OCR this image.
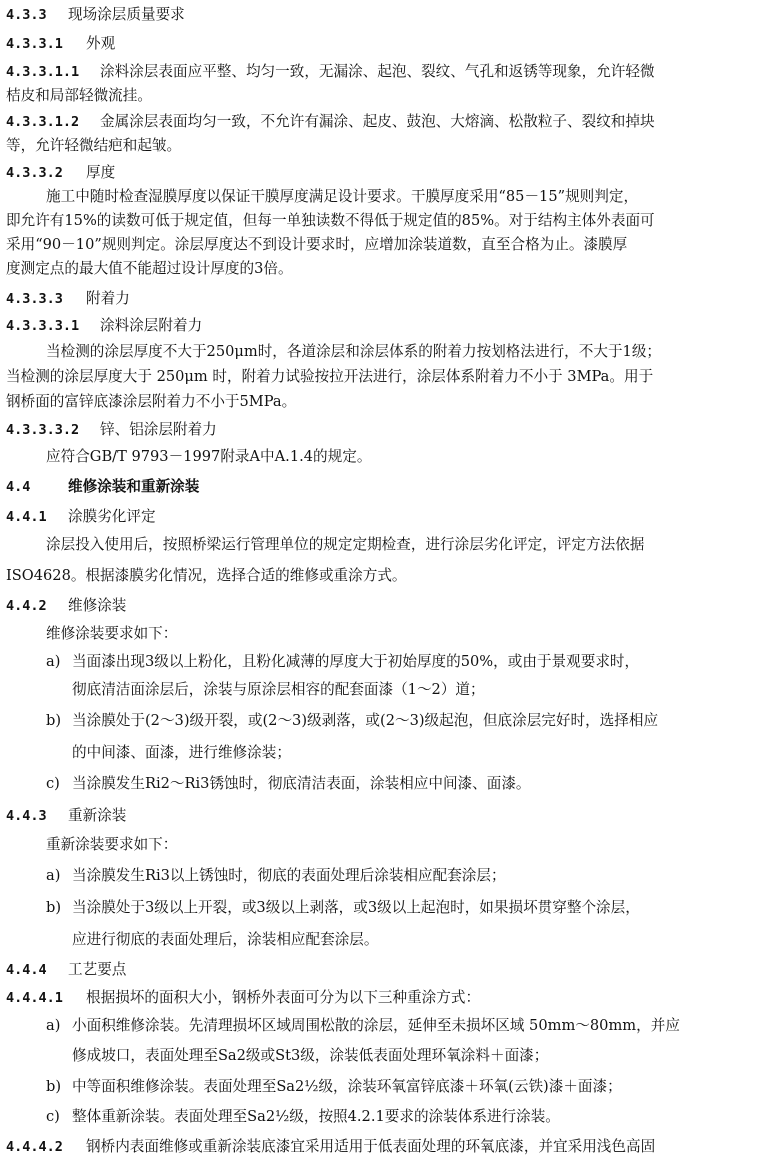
4.3.3 现场涂层质量要求
4.3.3.1 外观
4.3.3.1.1 涂料涂层表面应平整、均匀一致，无漏涂、起泡、裂纹、气孔和返锈等现象，允许轻微
桔皮和局部轻微流挂。
4.3.3.1.2 金属涂层表面均匀一致，不允许有漏涂、起皮、鼓泡、大熔滴、松散粒子、裂纹和掉块
等，允许轻微结疤和起皱。
4.3.3.2 厚度
施工中随时检查湿膜厚度以保证干膜厚度满足设计要求。干膜厚度采用“85－15”规则判定，
即允许有15%的读数可低于规定值，但每一单独读数不得低于规定值的85%。对于结构主体外表面可
采用“90－10”规则判定。涂层厚度达不到设计要求时，应增加涂装道数，直至合格为止。漆膜厚
度测定点的最大值不能超过设计厚度的3倍。
4.3.3.3 附着力
4.3.3.3.1 涂料涂层附着力
当检测的涂层厚度不大于250μm时，各道涂层和涂层体系的附着力按划格法进行，不大于1级；
当检测的涂层厚度大于 250μm 时，附着力试验按拉开法进行，涂层体系附着力不小于 3MPa。用于
钢桥面的富锌底漆涂层附着力不小于5MPa。
4.3.3.3.2 锌、铝涂层附着力
应符合GB/T 9793－1997附录A中A.1.4的规定。
4.4	维修涂装和重新涂装
4.4.1 涂膜劣化评定
涂层投入使用后，按照桥梁运行管理单位的规定定期检查，进行涂层劣化评定，评定方法依据
ISO4628。根据漆膜劣化情况，选择合适的维修或重涂方式。
4.4.2 维修涂装
维修涂装要求如下：
a) 当面漆出现3级以上粉化，且粉化减薄的厚度大于初始厚度的50%，或由于景观要求时，
彻底清洁面涂层后，涂装与原涂层相容的配套面漆（1～2）道；
b) 当涂膜处于(2～3)级开裂，或(2～3)级剥落，或(2～3)级起泡，但底涂层完好时，选择相应
的中间漆、面漆，进行维修涂装；
c) 当涂膜发生Ri2～Ri3锈蚀时，彻底清洁表面，涂装相应中间漆、面漆。
4.4.3 重新涂装
重新涂装要求如下：
a) 当涂膜发生Ri3以上锈蚀时，彻底的表面处理后涂装相应配套涂层；
b) 当涂膜处于3级以上开裂，或3级以上剥落，或3级以上起泡时，如果损坏贯穿整个涂层，
应进行彻底的表面处理后，涂装相应配套涂层。
4.4.4 工艺要点
4.4.4.1 根据损坏的面积大小，钢桥外表面可分为以下三种重涂方式：
a) 小面积维修涂装。先清理损坏区域周围松散的涂层，延伸至未损坏区域 50mm～80mm，并应
修成坡口，表面处理至Sa2级或St3级，涂装低表面处理环氧涂料＋面漆；
b) 中等面积维修涂装。表面处理至Sa2½级，涂装环氧富锌底漆＋环氧(云铁)漆＋面漆；
c) 整体重新涂装。表面处理至Sa2½级，按照4.2.1要求的涂装体系进行涂装。
4.4.4.2 钢桥内表面维修或重新涂装底漆宜采用适用于低表面处理的环氧底漆，并宜采用浅色高固
